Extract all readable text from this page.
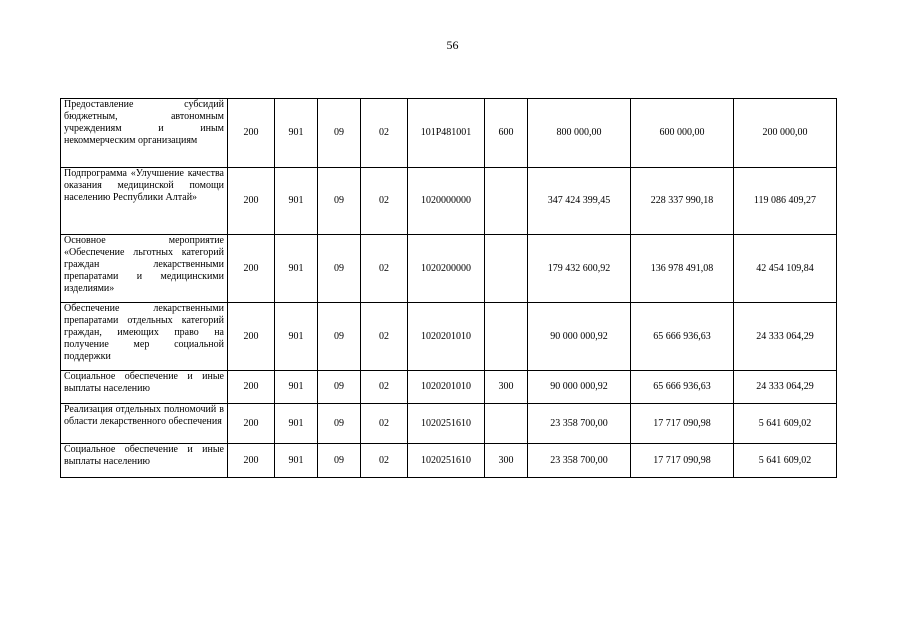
56
Предоставление субсидий бюджетным, автономным учреждениям и иным некоммерческим организациям	200	901	09	02	101P481001	600	800 000,00	600 000,00	200 000,00
Подпрограмма «Улучшение качества оказания медицинской помощи населению Республики Алтай»	200	901	09	02	1020000000		347 424 399,45	228 337 990,18	119 086 409,27
Основное мероприятие «Обеспечение льготных категорий граждан лекарственными препаратами и медицинскими изделиями»	200	901	09	02	1020200000		179 432 600,92	136 978 491,08	42 454 109,84
Обеспечение лекарственными препаратами отдельных категорий граждан, имеющих право на получение мер социальной поддержки	200	901	09	02	1020201010		90 000 000,92	65 666 936,63	24 333 064,29
Социальное обеспечение и иные выплаты населению	200	901	09	02	1020201010	300	90 000 000,92	65 666 936,63	24 333 064,29
Реализация отдельных полномочий в области лекарственного обеспечения	200	901	09	02	1020251610		23 358 700,00	17 717 090,98	5 641 609,02
Социальное обеспечение и иные выплаты населению	200	901	09	02	1020251610	300	23 358 700,00	17 717 090,98	5 641 609,02
